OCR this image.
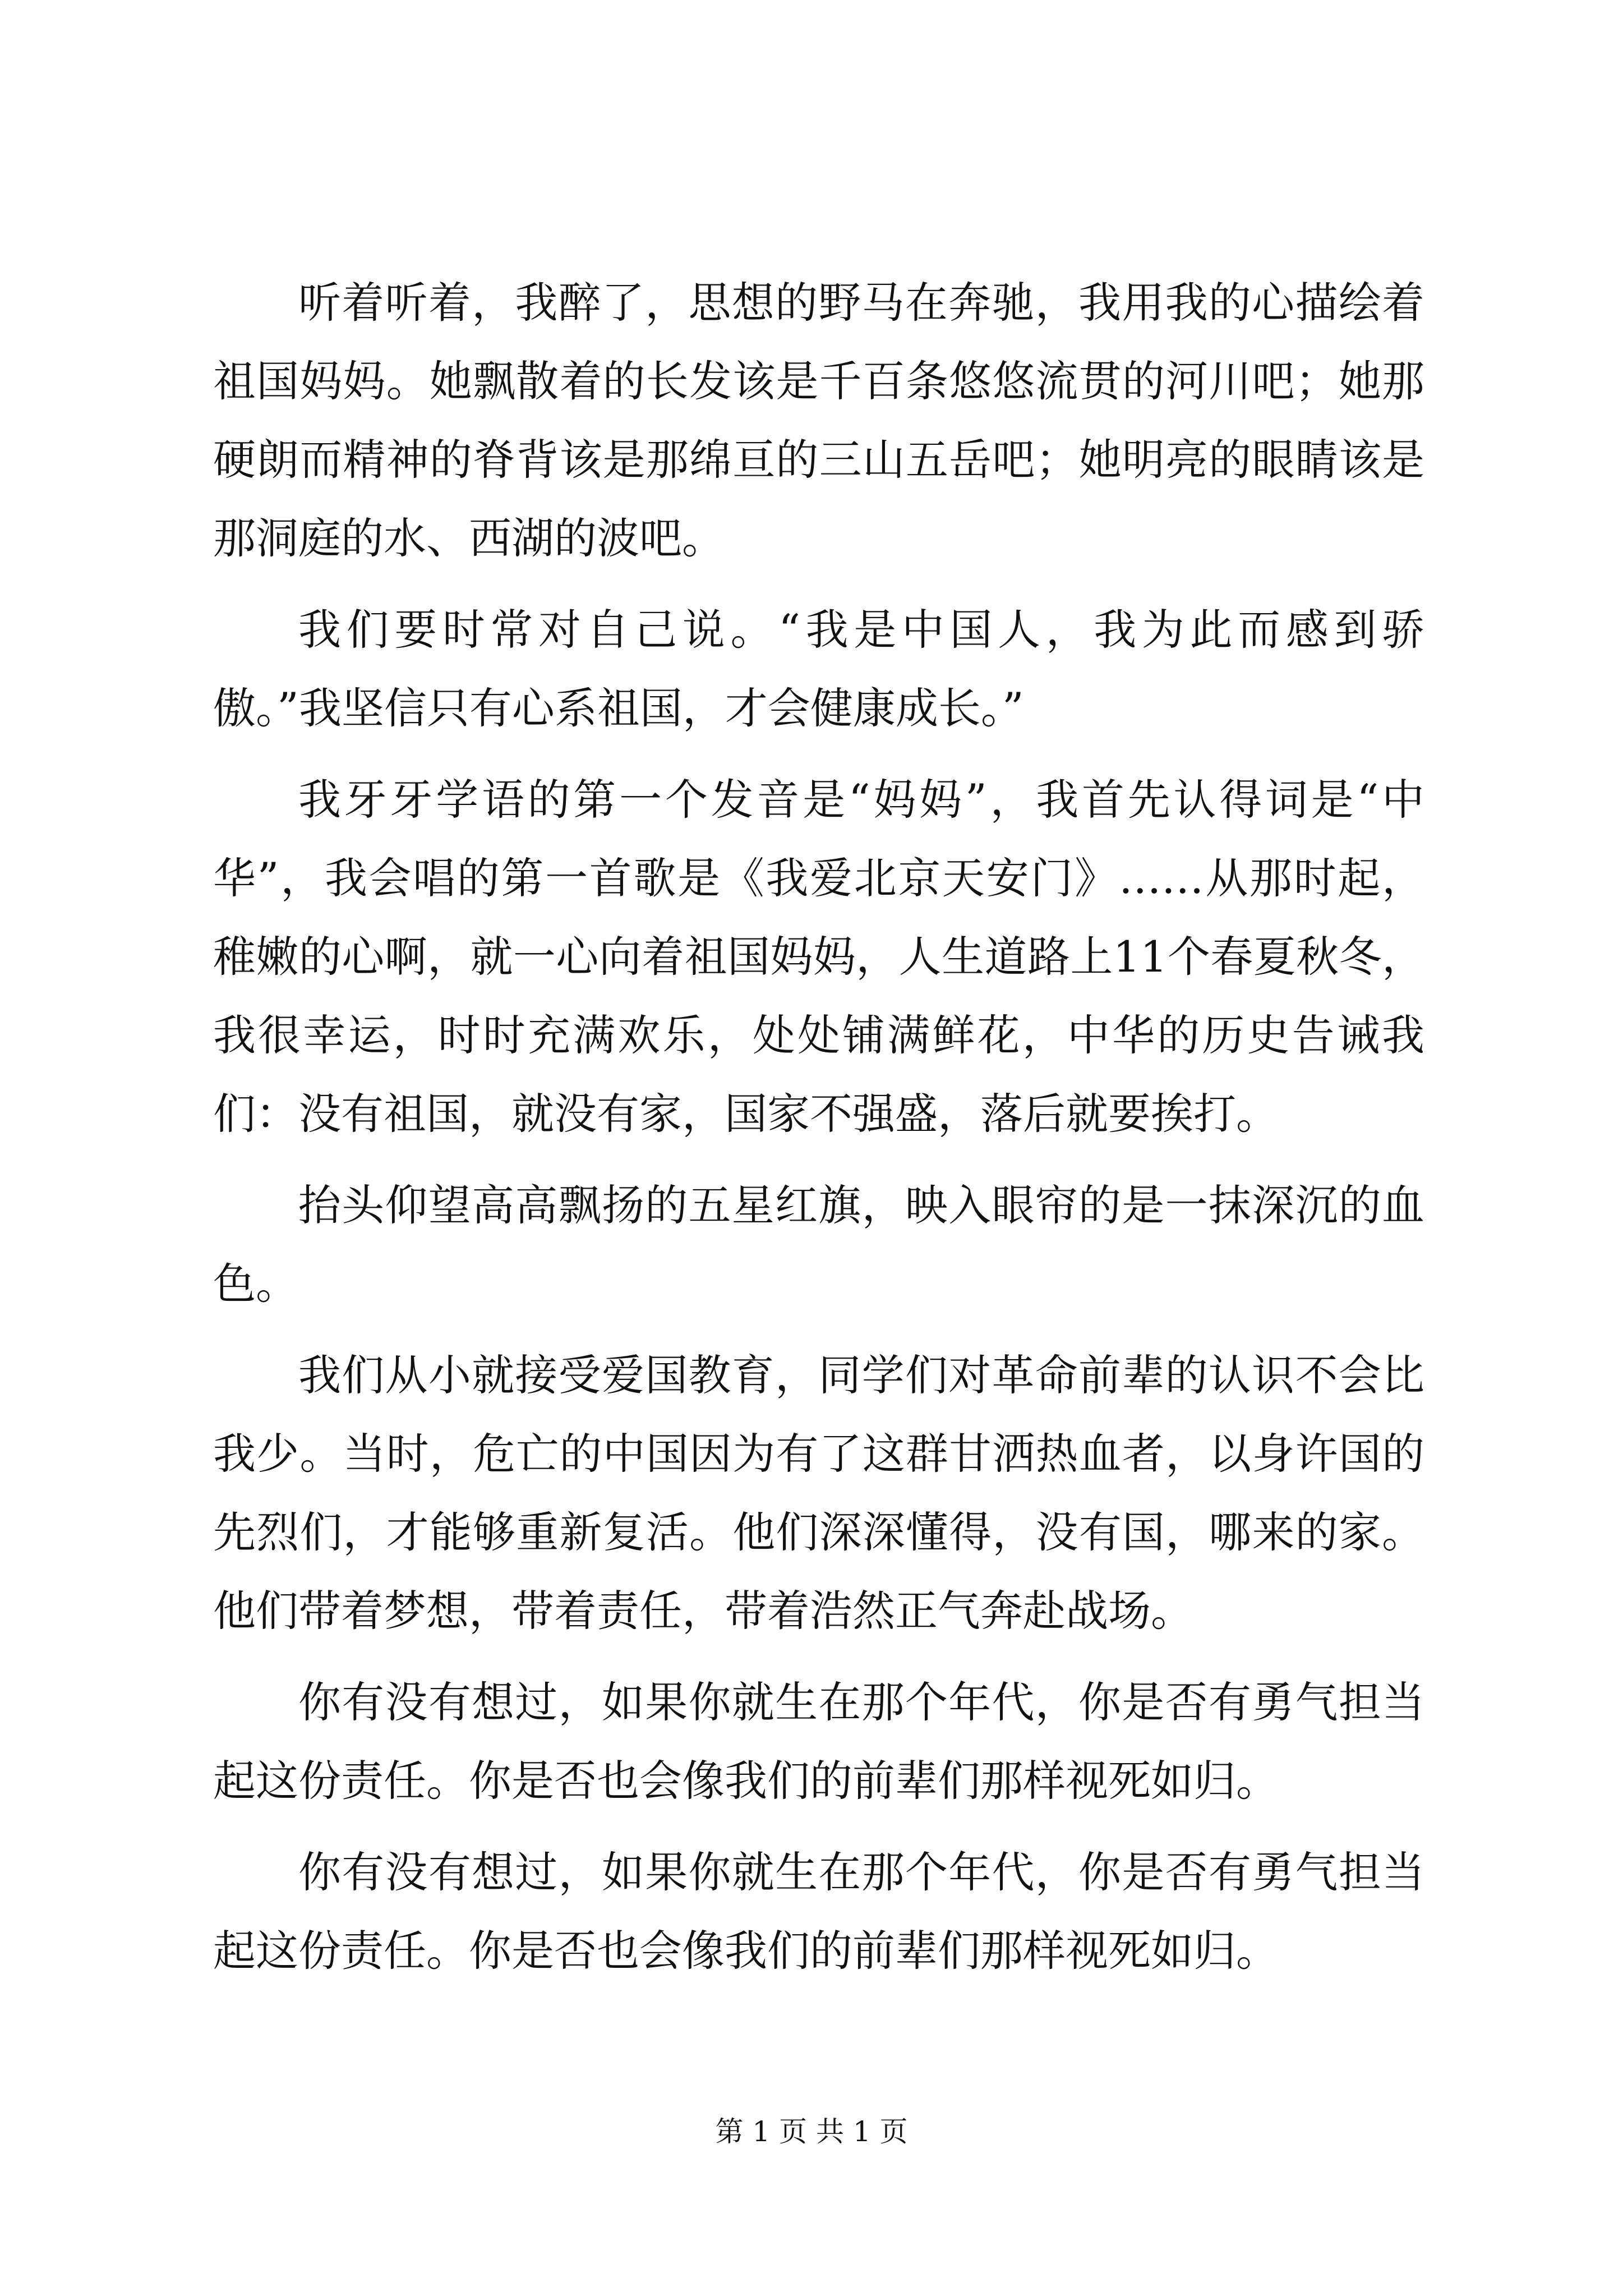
听着听着，我醉了，思想的野马在奔驰，我用我的心描绘着祖国妈妈。她飘散着的长发该是千百条悠悠流贯的河川吧；她那硬朗而精神的脊背该是那绵亘的三山五岳吧；她明亮的眼睛该是那洞庭的水、西湖的波吧。

我们要时常对自己说。“我是中国人，我为此而感到骄傲。”我坚信只有心系祖国，才会健康成长。”

我牙牙学语的第一个发音是“妈妈”，我首先认得词是“中华”，我会唱的第一首歌是《我爱北京天安门》……从那时起，稚嫩的心啊，就一心向着祖国妈妈，人生道路上11个春夏秋冬，我很幸运，时时充满欢乐，处处铺满鲜花，中华的历史告诫我们：没有祖国，就没有家，国家不强盛，落后就要挨打。

抬头仰望高高飘扬的五星红旗，映入眼帘的是一抹深沉的血色。

我们从小就接受爱国教育，同学们对革命前辈的认识不会比我少。当时，危亡的中国因为有了这群甘洒热血者，以身许国的先烈们，才能够重新复活。他们深深懂得，没有国，哪来的家。他们带着梦想，带着责任，带着浩然正气奔赴战场。

你有没有想过，如果你就生在那个年代，你是否有勇气担当起这份责任。你是否也会像我们的前辈们那样视死如归。

你有没有想过，如果你就生在那个年代，你是否有勇气担当起这份责任。你是否也会像我们的前辈们那样视死如归。

第 1 页 共 1 页
